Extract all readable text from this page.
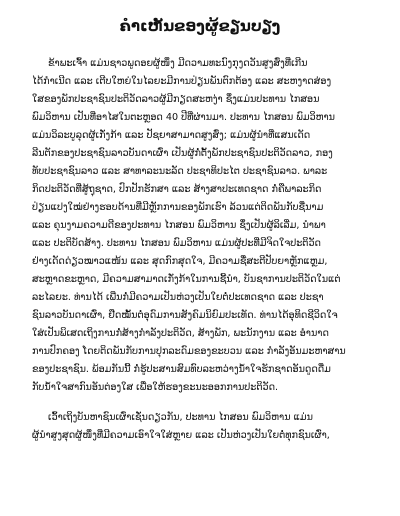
ຄໍາເຫັນຂອງຜູ້ຂຽນບຽງ
ຂ້າພະເຈົ້າ ແມ່ນຊາວພູດອຍຜູ້ໜຶ່ງ ມີດວາມທະນົງກຸງດວັນສູງສົ່ງທີ່ເກີນ
ໄດ້ກຳເນີດ ແລະ ເຕີບໃຫຍ່ໃນໄລຍະມີການປ່ຽນພັນຕົກຕ້ອງ ແລະ ສະຫງາດສ່ອງ
ໃສຂອງພັກປະຊາຊົນປະຕິວັດລາວຜູ້ມີກຽດສະຫງ່າ ຊຶ່ງແມ່ນປະທານ ໄກສອນ
ພົມວິຫານ ເປັນທີ່ອາໄສໃນຕະຫຼອດ 40 ປີທີ່ຜ່ານມາ. ປະທານ ໄກສອນ ພົມວິຫານ
ແມ່ນວິລະບູລຸດຜູ້ເກັ່ງກ້າ ແລະ ປັຊຍາສາມາດສູງສົ່ງ; ແມ່ນຜູ້ນຳທີ່ແສນເດັດ
ລີນຕັກຂອງປະຊາຊົນລາວບັນດາເຜົ່າ ເປັນຜູ້ກໍ່ຕັ້ງພັກປະຊາຊົນປະຕິວັດລາວ, ກອງ
ທັບປະຊາຊົນລາວ ແລະ ສາທາລະນະລັດ ປະຊາທິປະໄຕ ປະຊາຊົນລາວ. ພາລະ
ກິດປະຕິວັດທີ່ສູ້ຖຸຊາດ, ປົກປັກຮັກສາ ແລະ ສ້າງສາປະເທດຊາດ ກໍ່ຄືພາລະກິດ
ປ່ຽນແປງໃໝ່ຢ່າງຮອບດ້ານທີ່ມີຫຼັກການຂອງພັກເຮົາ ລ້ວນແຕ່ຕິດພັນກັບຊື່ນາມ
ແລະ ຄຸນງາມຄວາມດີຂອງປະທານ ໄກສອນ ພົມວິຫານ ຊຶ່ງເປັນຜູ້ລິເລີ່ມ, ນຳພາ
ແລະ ປະຕິບັດສ້າງ. ປະທານ ໄກສອນ ພົມວິຫານ ແມ່ນຜູ້ປະທີ່ມີຈິດໃຈປະຕິວັດ
ຢ່າງເດັດດ່ຽວໝາວແໜ້ນ ແລະ ສຸດກົກສຸດໃຈ, ມີຄວາມຊື່ສະຕີປັບຍາຫຼັກແຫຼມ,
ສະຫຼາດຂະຫຼາດ, ມີຄວາມສາມາດເກັ່ງກ້າໃນການຊີ້ນຳ, ບັນຊາການປະຕິວັດໃນແຕ່
ລະໄລຍະ. ທ່ານໄດ້ ເພີ່ນກໍ່ມີຄວາມເປັນຫ່ວງເປັນໃຍຕໍ່ປະເທດຊາດ ແລະ ປະຊາ
ຊົນລາວບັນດາເຜົ່າ, ຢືດໝັ້ນຕໍ່ອຸດົມການສັງຄົມນິຍົມປະເທັດ. ທ່ານໄດ້ອຸທິດຊີວິດໃຈ
ໃສ່ເປັນພິເສດເຖິງການກໍ່ສ້າງກຳລັງປະຕິວັດ, ສ້າງພັກ, ພະນັກງານ ແລະ ອຳນາດ
ການປົກຄອງ ໂດຍຕິດພັນກັບການປຸກລະດົມຂອງຂະບວນ ແລະ ກຳລັງອັນມະຫາສານ
ຂອງປະຊາຊົນ. ພ້ອມກັນນີ້ ກໍ່ຮູ້ປະສານສົມທົບລະຫວ່າງນ້ຳໃຈຮັກຊາດອັນດູດດື່ມ
ກັບນ້ຳໃຈສາກົນອັນຕ່ອງໃສ ເພື່ອໃຫ້ຮອງຂະນະອອກການປະຕິວັດ.
ເວົ້າເຖິງບັນຫາຊົນເຜົ່າເຊັ່ນດຽວກັນ, ປະທານ ໄກສອນ ພົມວິຫານ ແມ່ນ
ຜູ້ນຳສູງສຸດຜູ້ໜຶ່ງທີ່ມີຄວາມເອົາໃຈໃສ່ຫຼາຍ ແລະ ເປັນຫ່ວງເປັນໃຍຕໍ່ທຸກຊົນເຜົ່າ,
